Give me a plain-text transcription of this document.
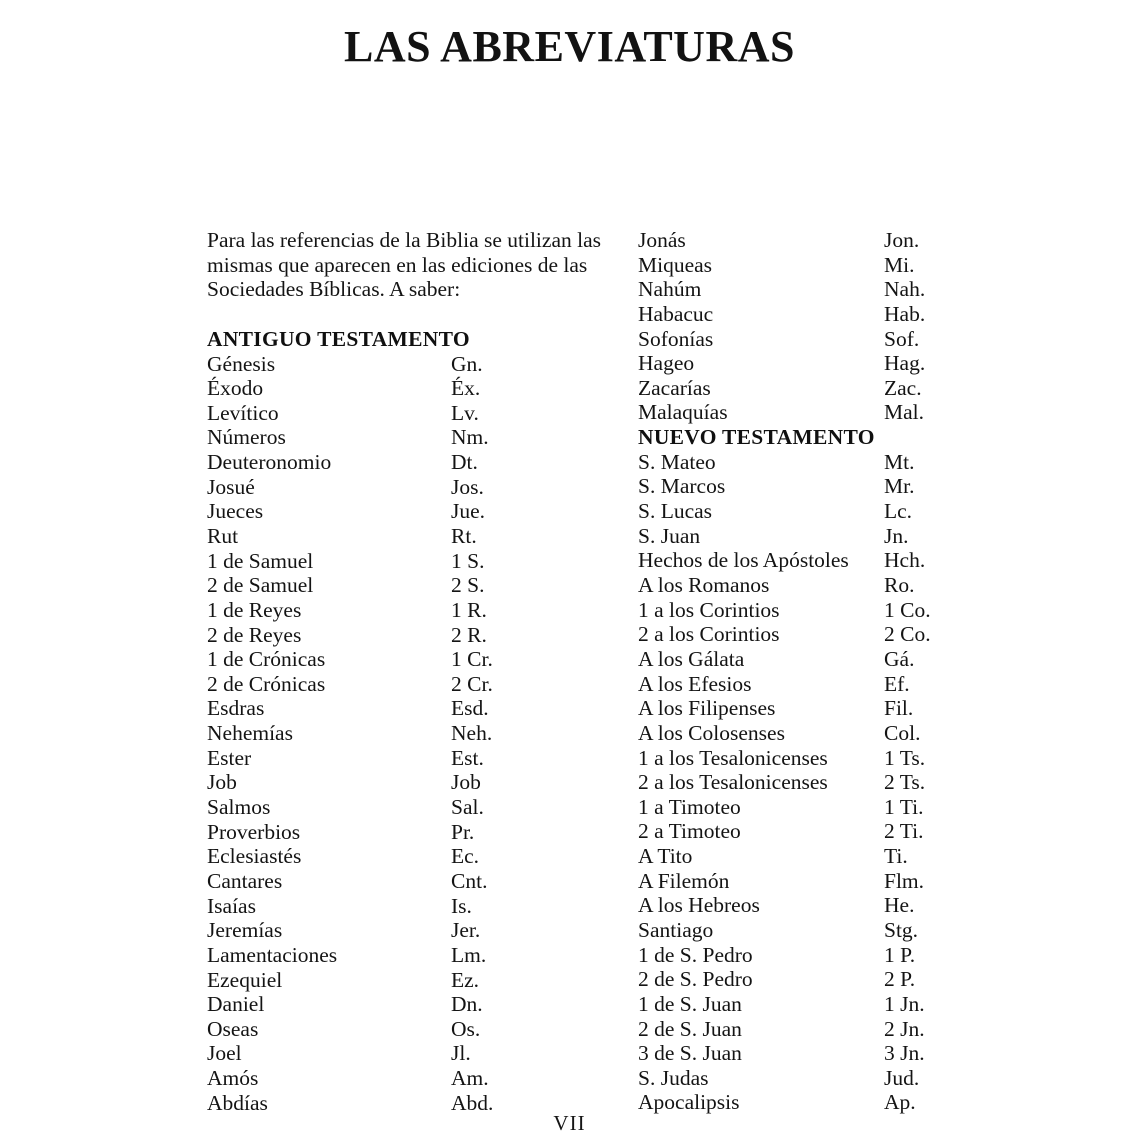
LAS ABREVIATURAS
Para las referencias de la Biblia se utilizan las
mismas que aparecen en las ediciones de las
Sociedades Bíblicas. A saber:
ANTIGUO TESTAMENTO
Génesis	Gn.
Éxodo	Éx.
Levítico	Lv.
Números	Nm.
Deuteronomio	Dt.
Josué	Jos.
Jueces	Jue.
Rut	Rt.
1 de Samuel	1 S.
2 de Samuel	2 S.
1 de Reyes	1 R.
2 de Reyes	2 R.
1 de Crónicas	1 Cr.
2 de Crónicas	2 Cr.
Esdras	Esd.
Nehemías	Neh.
Ester	Est.
Job	Job
Salmos	Sal.
Proverbios	Pr.
Eclesiastés	Ec.
Cantares	Cnt.
Isaías	Is.
Jeremías	Jer.
Lamentaciones	Lm.
Ezequiel	Ez.
Daniel	Dn.
Oseas	Os.
Joel	Jl.
Amós	Am.
Abdías	Abd.
Jonás	Jon.
Miqueas	Mi.
Nahúm	Nah.
Habacuc	Hab.
Sofonías	Sof.
Hageo	Hag.
Zacarías	Zac.
Malaquías	Mal.
NUEVO TESTAMENTO
S. Mateo	Mt.
S. Marcos	Mr.
S. Lucas	Lc.
S. Juan	Jn.
Hechos de los Apóstoles Hch.
A los Romanos	Ro.
1 a los Corintios	1 Co.
2 a los Corintios	2 Co.
A los Gálata	Gá.
A los Efesios	Ef.
A los Filipenses	Fil.
A los Colosenses	Col.
1 a los Tesalonicenses	1 Ts.
2 a los Tesalonicenses	2 Ts.
1 a Timoteo	1 Ti.
2 a Timoteo	2 Ti.
A Tito	Ti.
A Filemón	Flm.
A los Hebreos	He.
Santiago	Stg.
1 de S. Pedro	1 P.
2 de S. Pedro	2 P.
1 de S. Juan	1 Jn.
2 de S. Juan	2 Jn.
3 de S. Juan	3 Jn.
S. Judas	Jud.
Apocalipsis	Ap.
VII
